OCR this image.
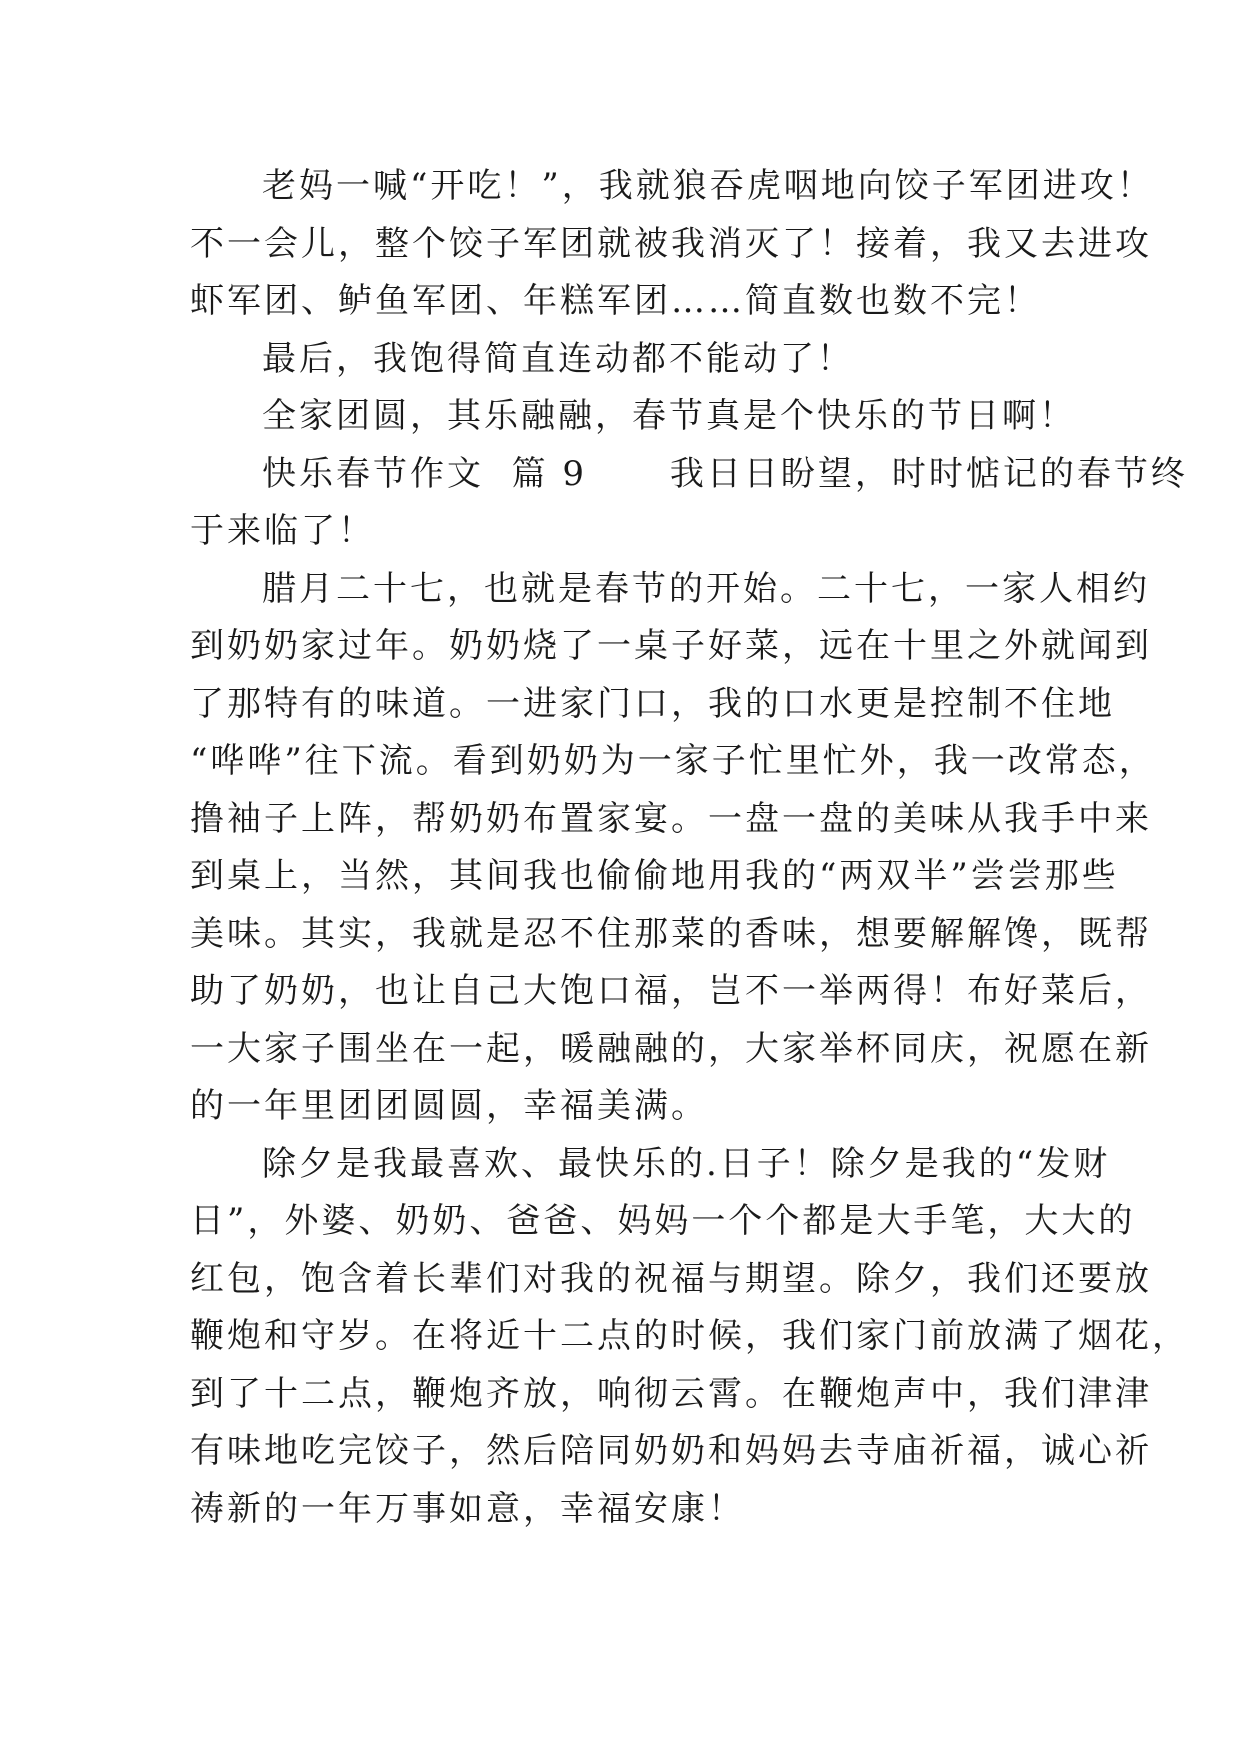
老妈一喊“开吃！”，我就狼吞虎咽地向饺子军团进攻！
不一会儿，整个饺子军团就被我消灭了！接着，我又去进攻
虾军团、鲈鱼军团、年糕军团……简直数也数不完！
最后，我饱得简直连动都不能动了！
全家团圆，其乐融融，春节真是个快乐的节日啊！
快乐春节作文  篇 9      我日日盼望，时时惦记的春节终
于来临了！
腊月二十七，也就是春节的开始。二十七，一家人相约
到奶奶家过年。奶奶烧了一桌子好菜，远在十里之外就闻到
了那特有的味道。一进家门口，我的口水更是控制不住地
“哗哗”往下流。看到奶奶为一家子忙里忙外，我一改常态，
撸袖子上阵，帮奶奶布置家宴。一盘一盘的美味从我手中来
到桌上，当然，其间我也偷偷地用我的“两双半”尝尝那些
美味。其实，我就是忍不住那菜的香味，想要解解馋，既帮
助了奶奶，也让自己大饱口福，岂不一举两得！布好菜后，
一大家子围坐在一起，暖融融的，大家举杯同庆，祝愿在新
的一年里团团圆圆，幸福美满。
除夕是我最喜欢、最快乐的.日子！除夕是我的“发财
日”，外婆、奶奶、爸爸、妈妈一个个都是大手笔，大大的
红包，饱含着长辈们对我的祝福与期望。除夕，我们还要放
鞭炮和守岁。在将近十二点的时候，我们家门前放满了烟花，
到了十二点，鞭炮齐放，响彻云霄。在鞭炮声中，我们津津
有味地吃完饺子，然后陪同奶奶和妈妈去寺庙祈福，诚心祈
祷新的一年万事如意，幸福安康！
